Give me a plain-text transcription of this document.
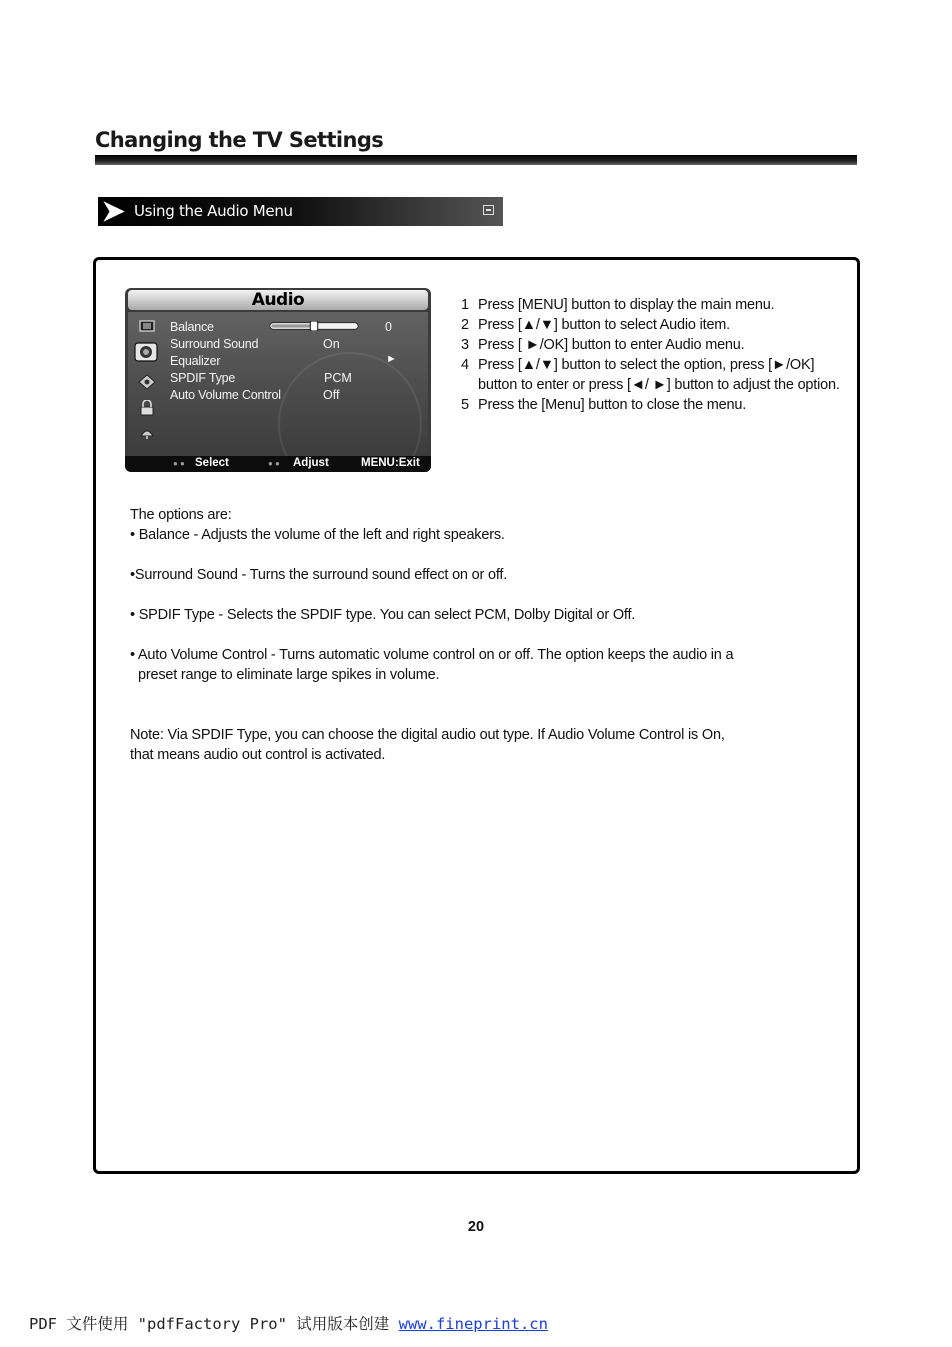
Changing the TV Settings
Using the Audio Menu
Audio
Balance	0
Surround Sound	On
Equalizer	►
SPDIF Type	PCM
Auto Volume Control	Off
● ● Select	● ● Adjust	MENU:Exit
1 Press [MENU] button to display the main menu.
2 Press [▲/▼] button to select Audio item.
3 Press [ ►/OK] button to enter Audio menu.
4 Press [▲/▼] button to select the option, press [►/OK] button to enter or press [◄/ ►] button to adjust the option.
5 Press the [Menu] button to close the menu.

The options are:

• Balance - Adjusts the volume of the left and right speakers.

•Surround Sound - Turns the surround sound effect on or off.

• SPDIF Type - Selects the SPDIF type. You can select PCM, Dolby Digital or Off.

• Auto Volume Control - Turns automatic volume control on or off. The option keeps the audio in a

preset range to eliminate large spikes in volume.

Note: Via SPDIF Type, you can choose the digital audio out type. If Audio Volume Control is On,

that means audio out control is activated.

20
PDF 文件使用 "pdfFactory Pro" 试用版本创建 www.fineprint.cn
